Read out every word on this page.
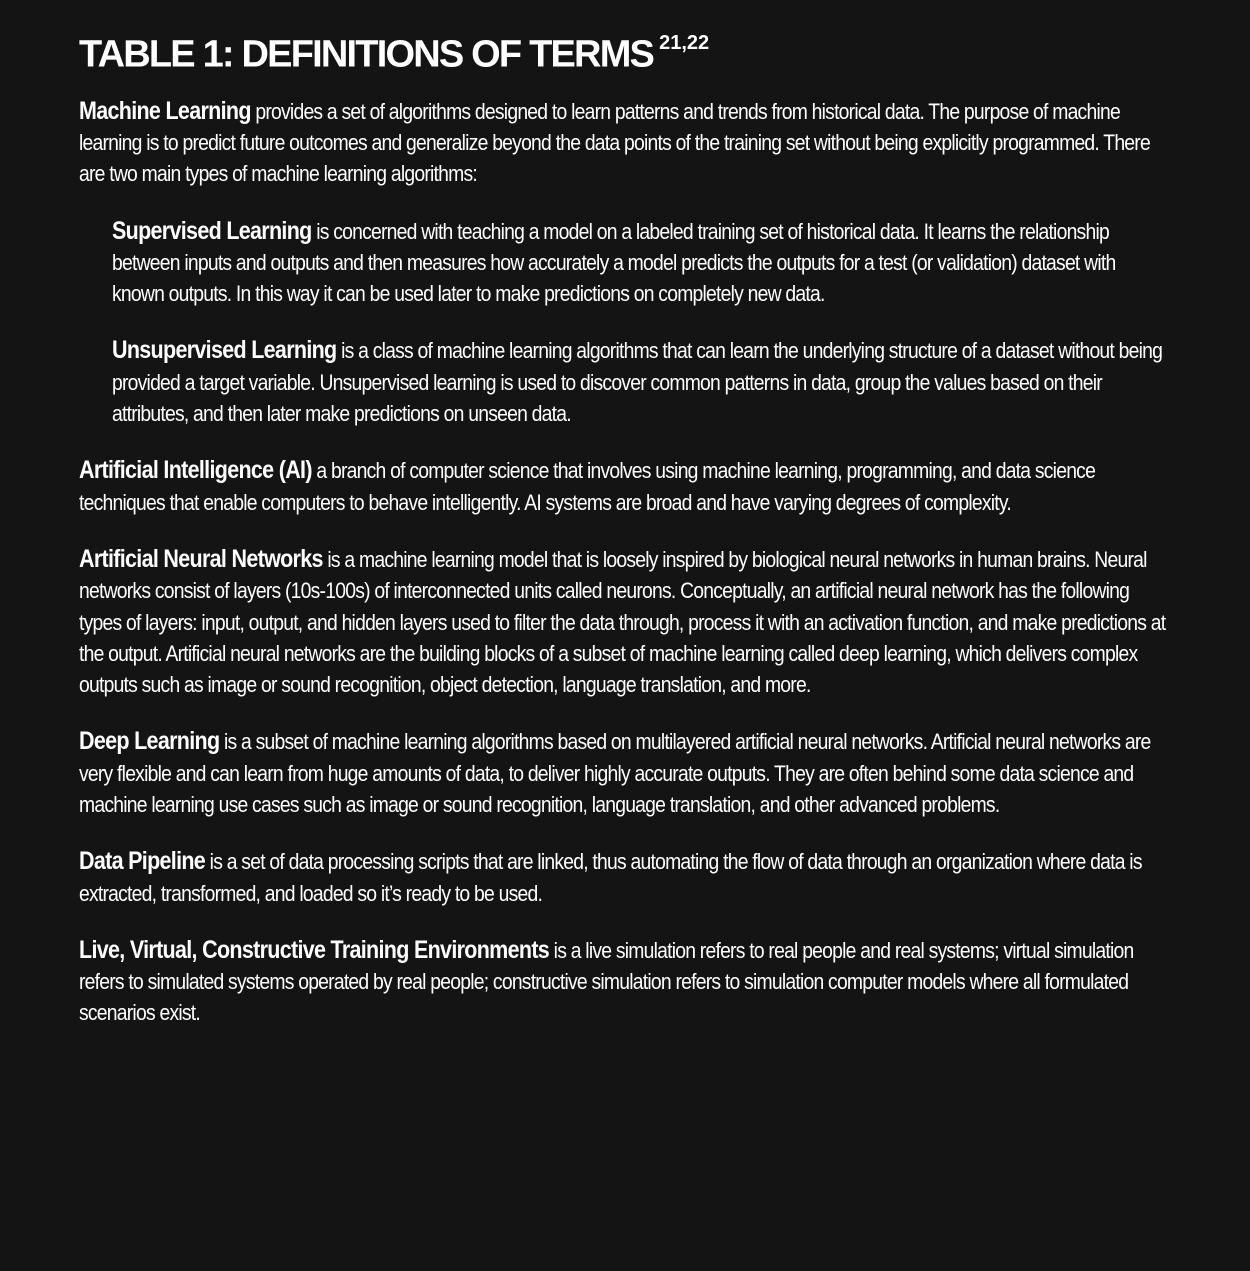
TABLE 1: DEFINITIONS OF TERMS $^{21,22}$

Machine Learning provides a set of algorithms designed to learn patterns and trends from historical data. The purpose of machine learning is to predict future outcomes and generalize beyond the data points of the training set without being explicitly programmed. There are two main types of machine learning algorithms:

Supervised Learning is concerned with teaching a model on a labeled training set of historical data. It learns the relationship between inputs and outputs and then measures how accurately a model predicts the outputs for a test (or validation) dataset with known outputs. In this way it can be used later to make predictions on completely new data.

Unsupervised Learning is a class of machine learning algorithms that can learn the underlying structure of a dataset without being provided a target variable. Unsupervised learning is used to discover common patterns in data, group the values based on their attributes, and then later make predictions on unseen data.

Artificial Intelligence (AI) a branch of computer science that involves using machine learning, programming, and data science techniques that enable computers to behave intelligently. AI systems are broad and have varying degrees of complexity.

Artificial Neural Networks is a machine learning model that is loosely inspired by biological neural networks in human brains. Neural networks consist of layers (10s-100s) of interconnected units called neurons. Conceptually, an artificial neural network has the following types of layers: input, output, and hidden layers used to filter the data through, process it with an activation function, and make predictions at the output. Artificial neural networks are the building blocks of a subset of machine learning called deep learning, which delivers complex outputs such as image or sound recognition, object detection, language translation, and more.

Deep Learning is a subset of machine learning algorithms based on multilayered artificial neural networks. Artificial neural networks are very flexible and can learn from huge amounts of data, to deliver highly accurate outputs. They are often behind some data science and machine learning use cases such as image or sound recognition, language translation, and other advanced problems.

Data Pipeline is a set of data processing scripts that are linked, thus automating the flow of data through an organization where data is extracted, transformed, and loaded so it’s ready to be used.

Live, Virtual, Constructive Training Environments is a live simulation refers to real people and real systems; virtual simulation refers to simulated systems operated by real people; constructive simulation refers to simulation computer models where all formulated scenarios exist.
